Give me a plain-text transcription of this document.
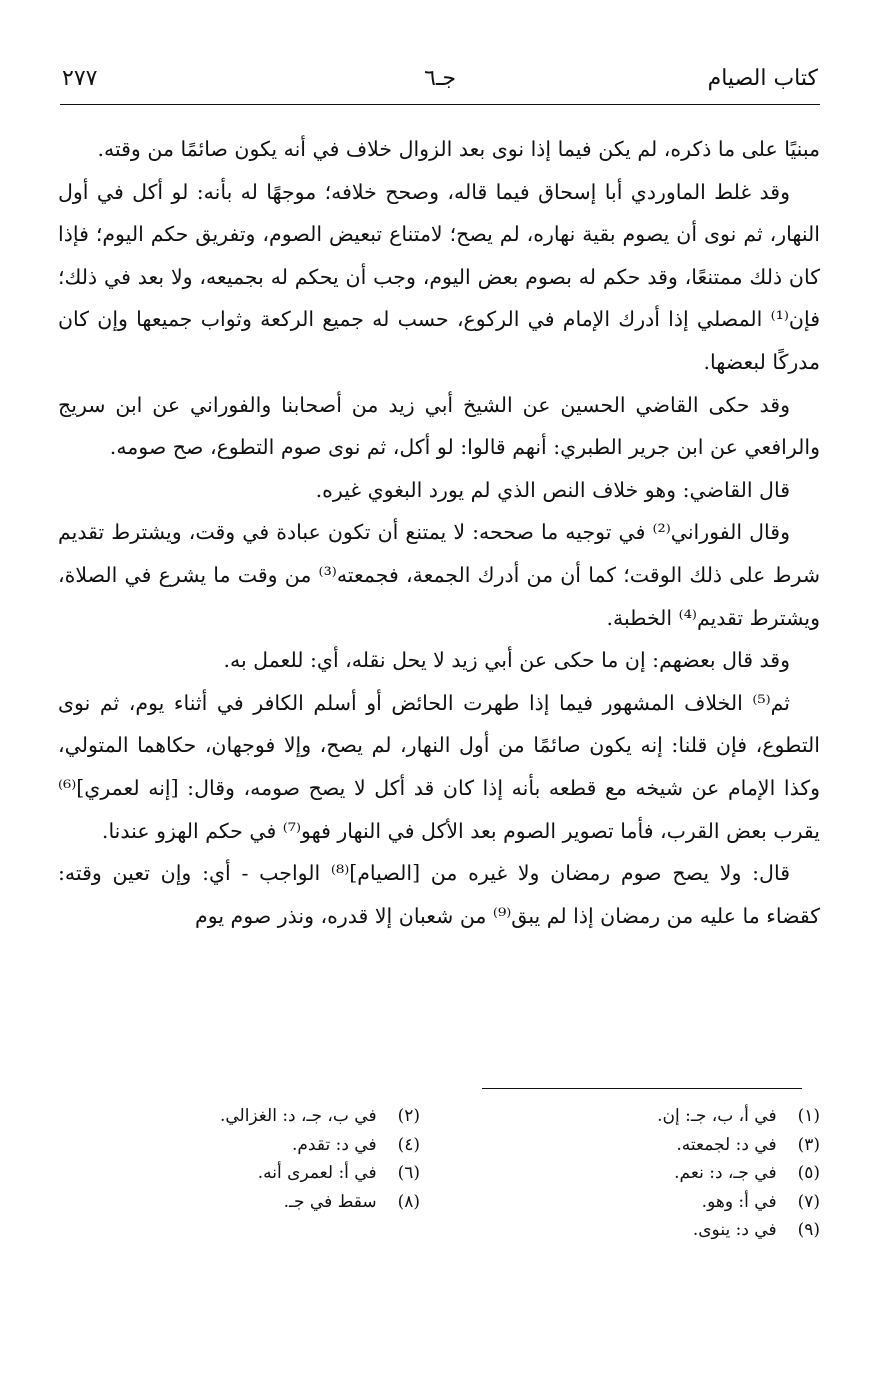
كتاب الصيام
جـ٦
٢٧٧

مبنيًا على ما ذكره، لم يكن فيما إذا نوى بعد الزوال خلاف في أنه يكون صائمًا من وقته.

وقد غلط الماوردي أبا إسحاق فيما قاله، وصحح خلافه؛ موجهًا له بأنه: لو أكل في أول النهار، ثم نوى أن يصوم بقية نهاره، لم يصح؛ لامتناع تبعيض الصوم، وتفريق حكم اليوم؛ فإذا كان ذلك ممتنعًا، وقد حكم له بصوم بعض اليوم، وجب أن يحكم له بجميعه، ولا بعد في ذلك؛ فإن⁽¹⁾ المصلي إذا أدرك الإمام في الركوع، حسب له جميع الركعة وثواب جميعها وإن كان مدركًا لبعضها.

وقد حكى القاضي الحسين عن الشيخ أبي زيد من أصحابنا والفوراني عن ابن سريج والرافعي عن ابن جرير الطبري: أنهم قالوا: لو أكل، ثم نوى صوم التطوع، صح صومه.

قال القاضي: وهو خلاف النص الذي لم يورد البغوي غيره.

وقال الفوراني⁽²⁾ في توجيه ما صححه: لا يمتنع أن تكون عبادة في وقت، ويشترط تقديم شرط على ذلك الوقت؛ كما أن من أدرك الجمعة، فجمعته⁽³⁾ من وقت ما يشرع في الصلاة، ويشترط تقديم⁽⁴⁾ الخطبة.

وقد قال بعضهم: إن ما حكى عن أبي زيد لا يحل نقله، أي: للعمل به.

ثم⁽⁵⁾ الخلاف المشهور فيما إذا طهرت الحائض أو أسلم الكافر في أثناء يوم، ثم نوى التطوع، فإن قلنا: إنه يكون صائمًا من أول النهار، لم يصح، وإلا فوجهان، حكاهما المتولي، وكذا الإمام عن شيخه مع قطعه بأنه إذا كان قد أكل لا يصح صومه، وقال: [إنه لعمري]⁽⁶⁾ يقرب بعض القرب، فأما تصوير الصوم بعد الأكل في النهار فهو⁽⁷⁾ في حكم الهزو عندنا.

قال: ولا يصح صوم رمضان ولا غيره من [الصيام]⁽⁸⁾ الواجب - أي: وإن تعين وقته: كقضاء ما عليه من رمضان إذا لم يبق⁽⁹⁾ من شعبان إلا قدره، ونذر صوم يوم

(١) في أ، ب، جـ: إن.
(٣) في د: لجمعته.
(٥) في جـ، د: نعم.
(٧) في أ: وهو.
(٩) في د: ينوى.
(٢) في ب، جـ، د: الغزالي.
(٤) في د: تقدم.
(٦) في أ: لعمرى أنه.
(٨) سقط في جـ.
